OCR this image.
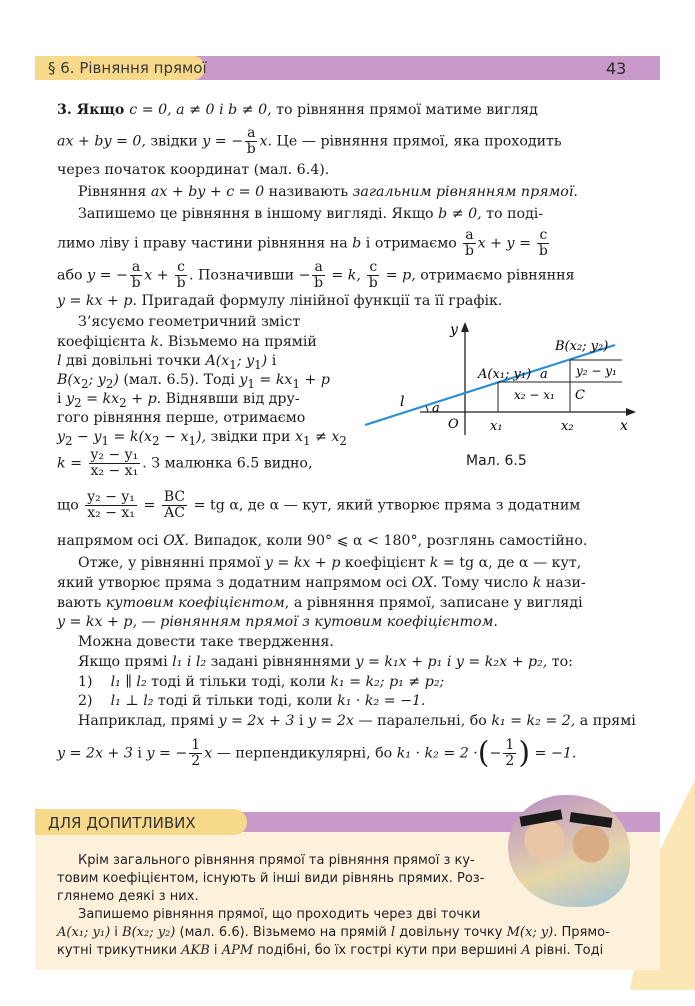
§ 6. Рівняння прямої	43
3. Якщо c = 0, a ≠ 0 і b ≠ 0, то рівняння прямої матиме вигляд
ax + by = 0, звідки y = − $\frac{a}{b} x$. Це — рівняння прямої, яка проходить
через початок координат (мал. 6.4).
Рівняння ax + by + c = 0 називають загальним рівнянням прямої.
Запишемо це рівняння в іншому вигляді. Якщо b ≠ 0, то поді-
лимо ліву і праву частини рівняння на b і отримаємо $\frac{a}{b}$ $x + y = \frac{c}{b}$
або y = − $\frac{a}{b}$ $x + \frac{c}{b}$ . Позначивши − $\frac{a}{b} = k$, $\frac{c}{b} = p$, отримаємо рівняння
y = kx + p. Пригадай формулу лінійної функції та її графік.
З’ясуємо геометричний зміст
коефіцієнта k. Візьмемо на прямій
l дві довільні точки $A(x_1$; $y_1$) і
$B(x_2$; $y_2$) (мал. 6.5). Тоді $y_1 = kx_1 + p$
і $y_2 = kx_2 + p$. Віднявши від дру-
гого рівняння перше, отримаємо
$y_2 - y_1 = k(x_2 - x_1)$, звідки при $x_1 \ne x_2$
$k = \frac{\text{y₂ − y₁}}{\text{x₂ − x₁}}$ . З малюнка 6.5 видно,
що $\frac{\text{y₂ − y₁}}{\text{x₂ − x₁}} = \frac{BC}{AC}$ = tg α, де α — кут, який утворює пряма з додатним
напрямом осі OX. Випадок, коли 90° ⩽ α < 180°, розглянь самостійно.
Отже, у рівнянні прямої y = kx + p коефіцієнт k = tg α, де α — кут,
який утворює пряма з додатним напрямом осі OX. Тому число k нази-
вають кутовим коефіцієнтом, а рівняння прямої, записане у вигляді
y = kx + p, — рівнянням прямої з кутовим коефіцієнтом.
Можна довести таке твердження.
Якщо прямі l₁ і l₂ задані рівняннями y = k₁x + p₁ і y = k₂x + p₂, то:
1) l₁ ∥ l₂ тоді й тільки тоді, коли k₁ = k₂; p₁ ≠ p₂;
2) l₁ ⊥ l₂ тоді й тільки тоді, коли k₁ · k₂ = −1.
Наприклад, прямі y = 2x + 3 і y = 2x — паралельні, бо k₁ = k₂ = 2, а прямі
y = 2x + 3 і y = − $\frac{1}{2}$ x — перпендикулярні, бо k₁ · k₂ = 2 ·(− $\frac{1}{2}$ ) = −1.
y
x
O
l a
a
A(x₁; y₁)
B(x₂; y₂)
y₂ − y₁
x₂ − x₁ C
x₁	x₂
Мал. 6.5
ДЛЯ ДОПИТЛИВИХ
Крім загального рівняння прямої та рівняння прямої з ку-
товим коефіцієнтом, існують й інші види рівнянь прямих. Роз-
глянемо деякі з них.
Запишемо рівняння прямої, що проходить через дві точки
A(x₁; y₁) і B(x₂; y₂) (мал. 6.6). Візьмемо на прямій l довільну точку M(x; y). Прямо-
кутні трикутники AKB і APM подібні, бо їх гострі кути при вершині A рівні. Тоді
